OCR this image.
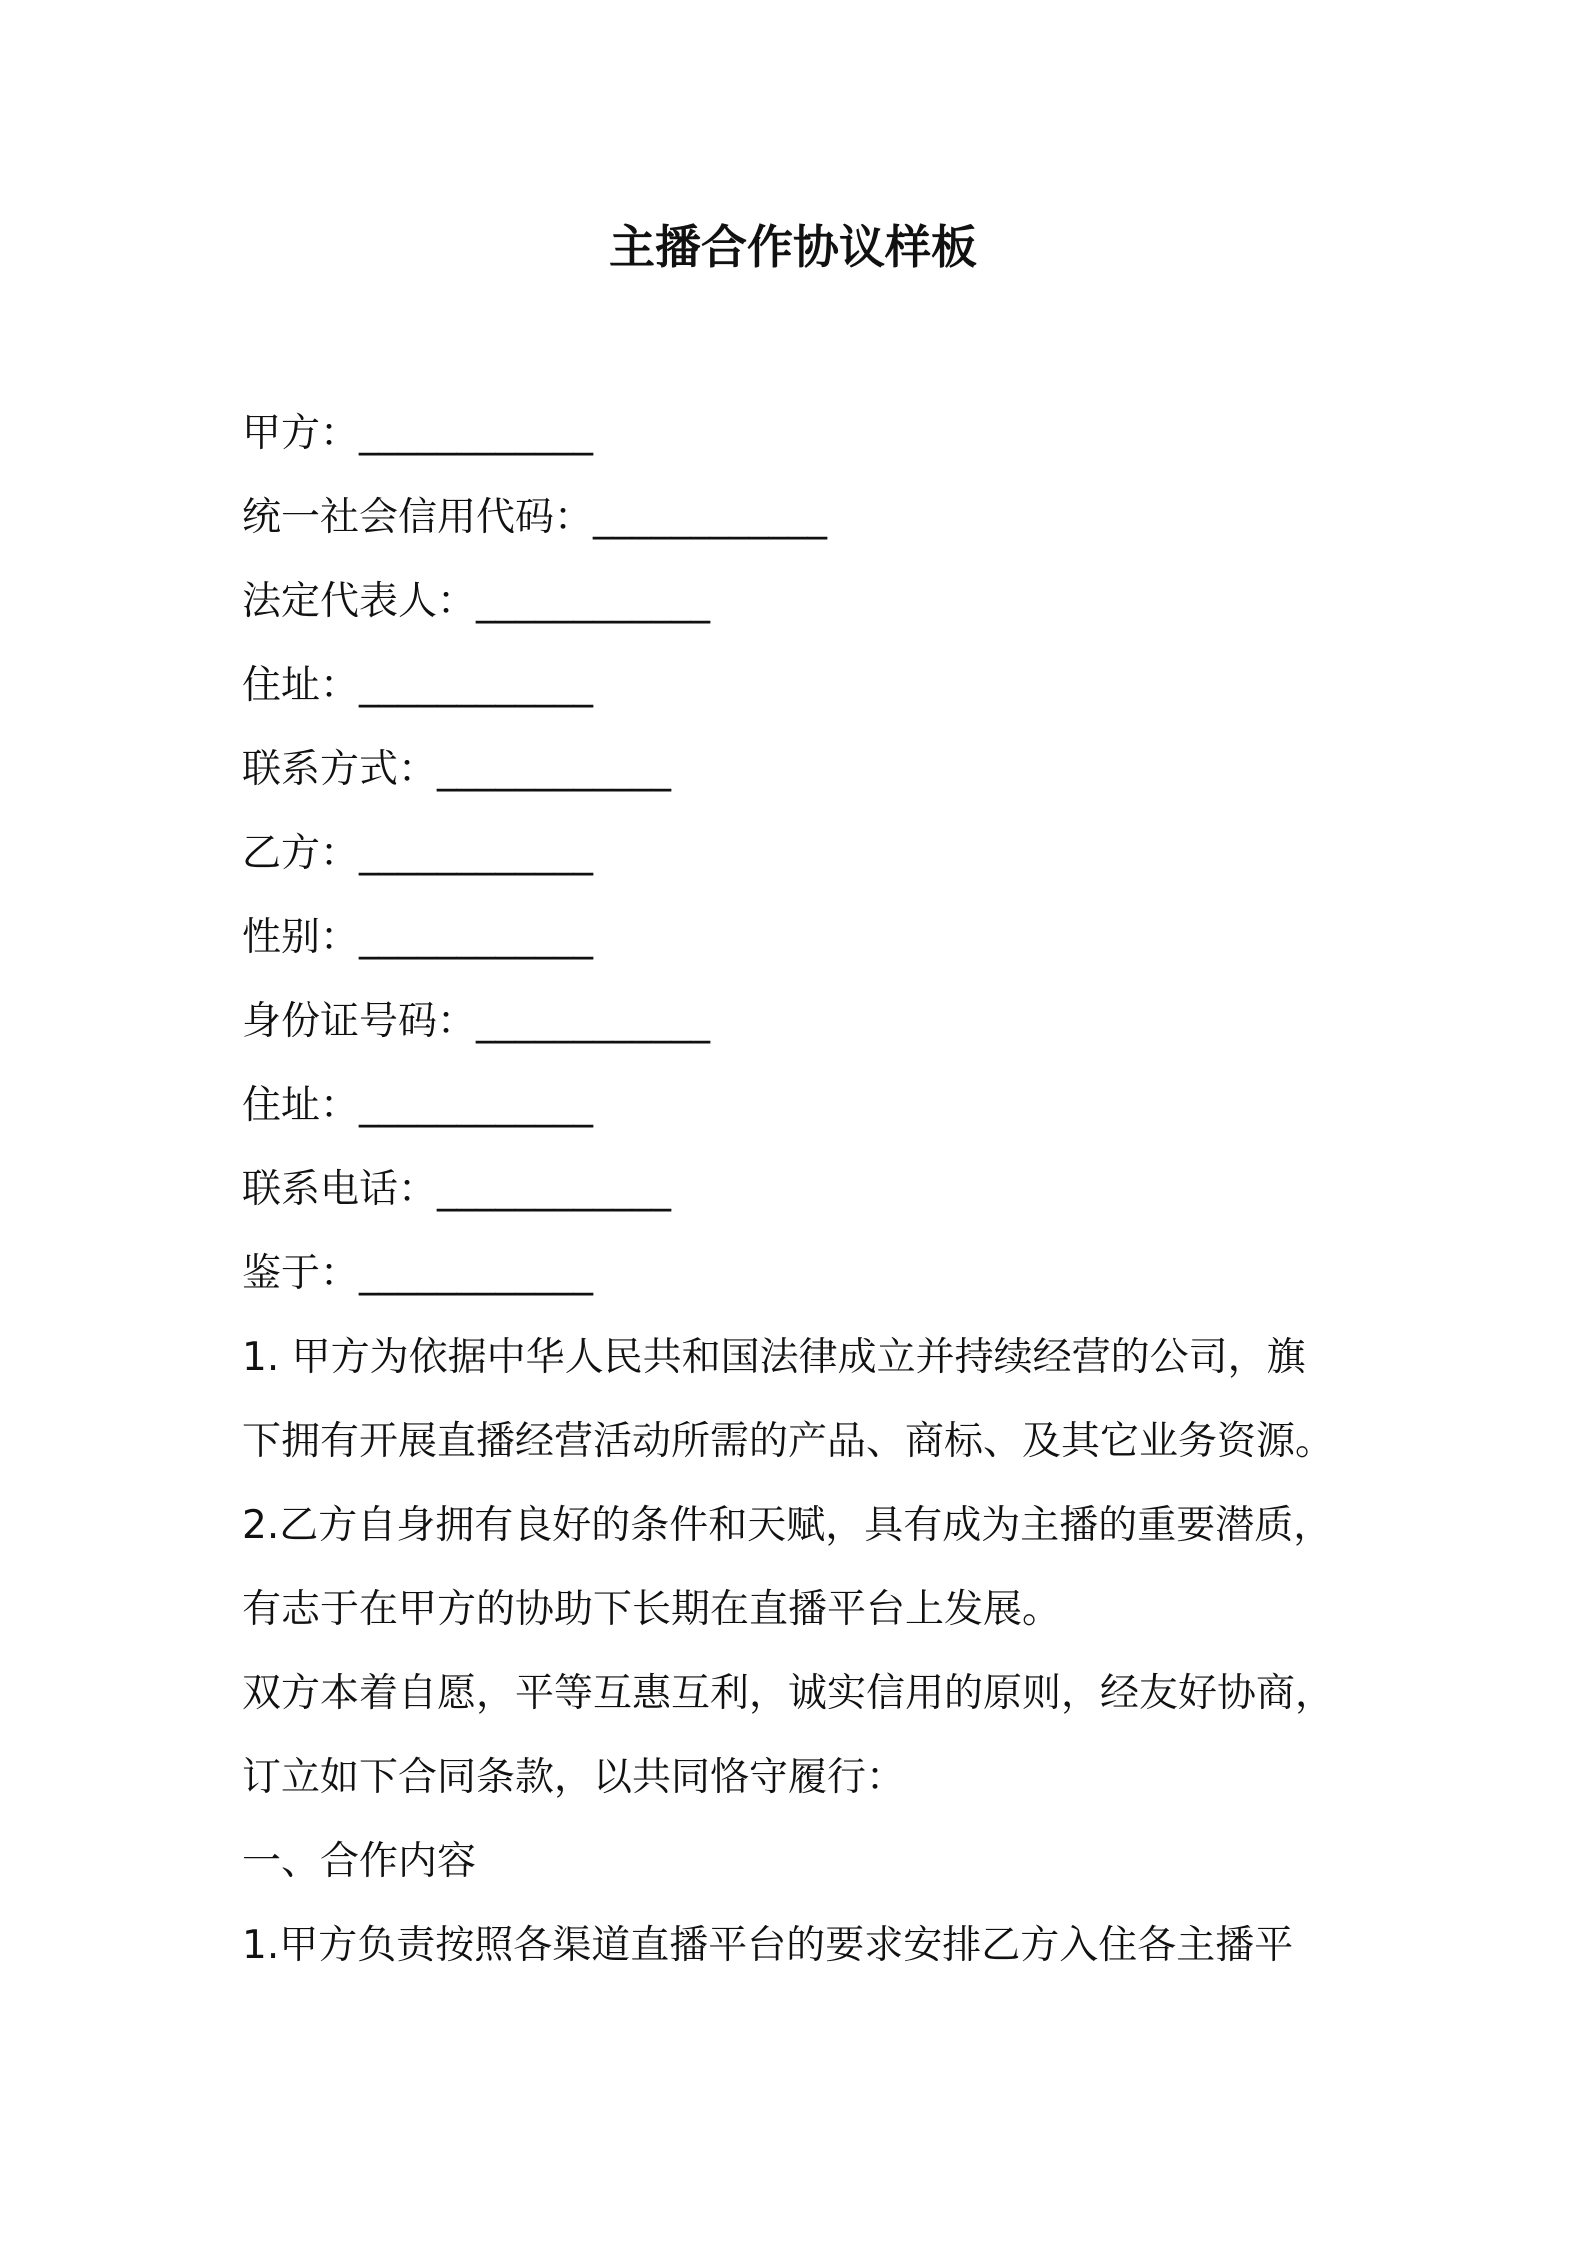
主播合作协议样板
甲方：____________
统一社会信用代码：____________
法定代表人：____________
住址：____________
联系方式：____________
乙方：____________
性别：____________
身份证号码：____________
住址：____________
联系电话：____________
鉴于：____________
1. 甲方为依据中华人民共和国法律成立并持续经营的公司，旗
下拥有开展直播经营活动所需的产品、商标、及其它业务资源。
2.乙方自身拥有良好的条件和天赋，具有成为主播的重要潜质，
有志于在甲方的协助下长期在直播平台上发展。
双方本着自愿，平等互惠互利，诚实信用的原则，经友好协商，
订立如下合同条款，以共同恪守履行：
一、合作内容
1.甲方负责按照各渠道直播平台的要求安排乙方入住各主播平
